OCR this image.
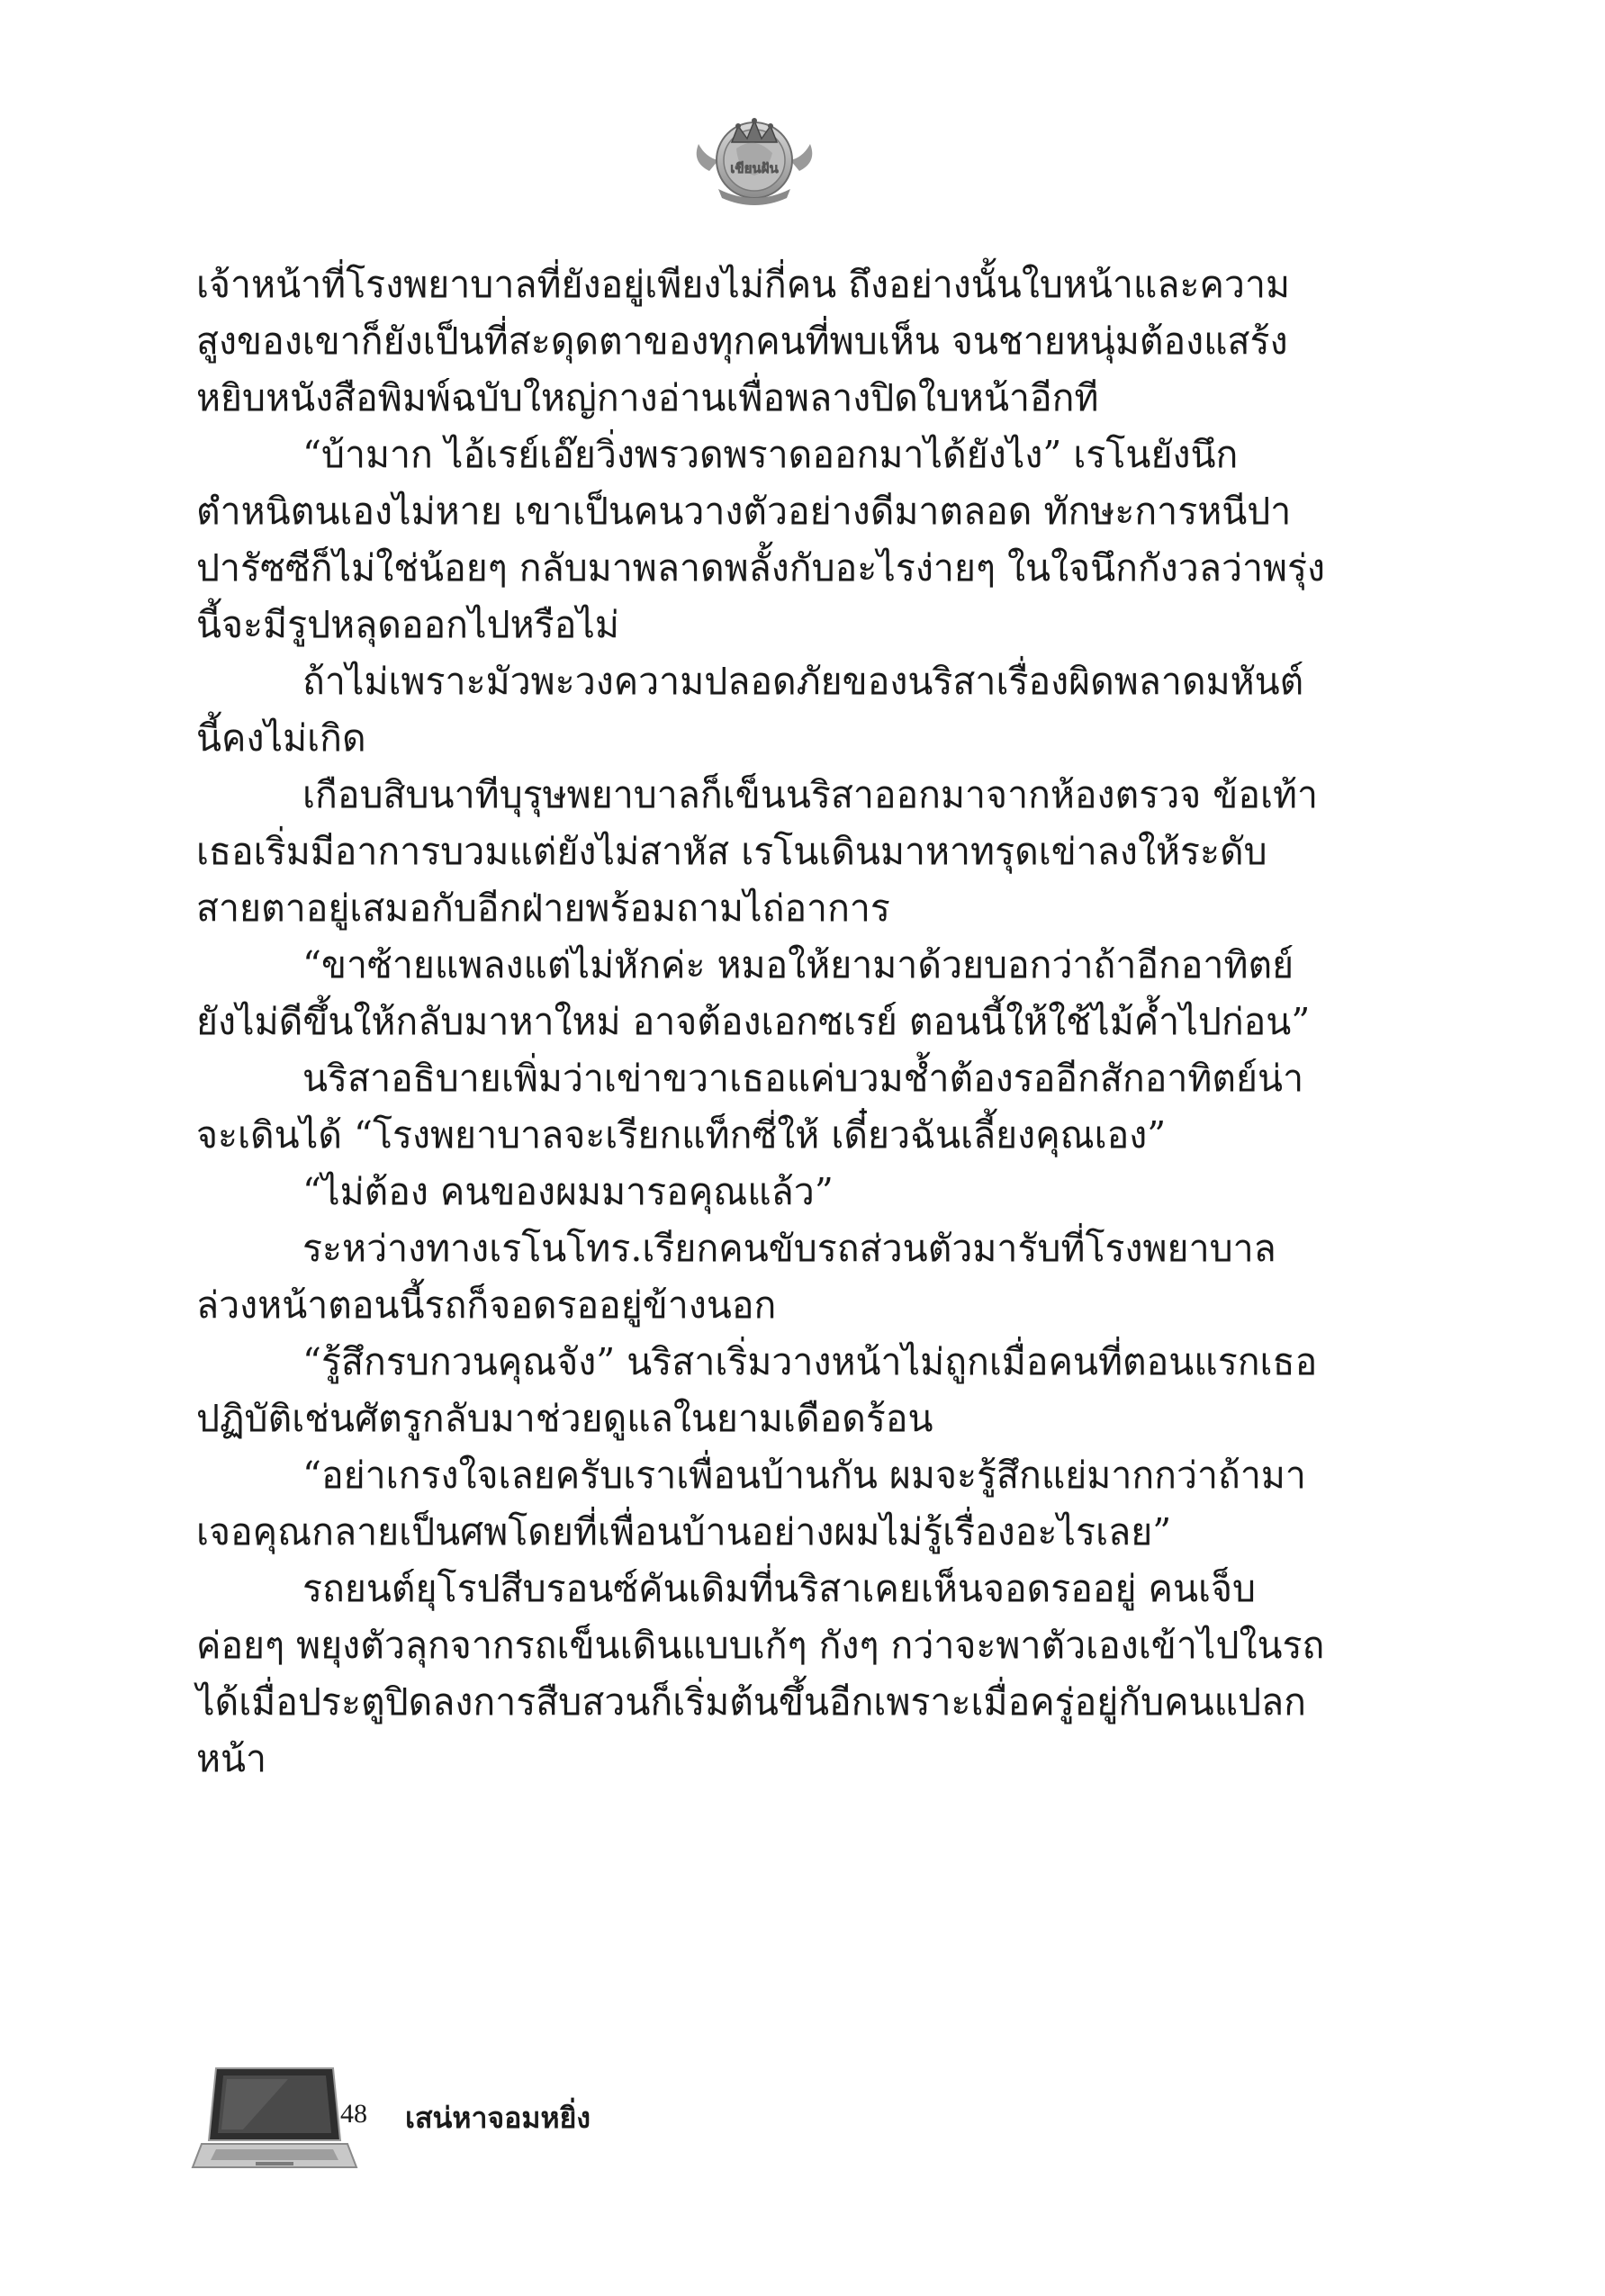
เขียนฝัน

เจ้าหน้าที่โรงพยาบาลที่ยังอยู่เพียงไม่กี่คน ถึงอย่างนั้นใบหน้าและความสูงของเขาก็ยังเป็นที่สะดุดตาของทุกคนที่พบเห็น จนชายหนุ่มต้องแสร้งหยิบหนังสือพิมพ์ฉบับใหญ่กางอ่านเพื่อพลางปิดใบหน้าอีกที

“บ้ามาก ไอ้เรย์เอ๊ยวิ่งพรวดพราดออกมาได้ยังไง” เรโนยังนึกตำหนิตนเองไม่หาย เขาเป็นคนวางตัวอย่างดีมาตลอด ทักษะการหนีปาปารัซซีก็ไม่ใช่น้อยๆ กลับมาพลาดพลั้งกับอะไรง่ายๆ ในใจนึกกังวลว่าพรุ่งนี้จะมีรูปหลุดออกไปหรือไม่

ถ้าไม่เพราะมัวพะวงความปลอดภัยของนริสาเรื่องผิดพลาดมหันต์นี้คงไม่เกิด

เกือบสิบนาทีบุรุษพยาบาลก็เข็นนริสาออกมาจากห้องตรวจ ข้อเท้าเธอเริ่มมีอาการบวมแต่ยังไม่สาหัส เรโนเดินมาหาทรุดเข่าลงให้ระดับสายตาอยู่เสมอกับอีกฝ่ายพร้อมถามไถ่อาการ

“ขาซ้ายแพลงแต่ไม่หักค่ะ หมอให้ยามาด้วยบอกว่าถ้าอีกอาทิตย์ยังไม่ดีขึ้นให้กลับมาหาใหม่ อาจต้องเอกซเรย์ ตอนนี้ให้ใช้ไม้ค้ำไปก่อน”

นริสาอธิบายเพิ่มว่าเข่าขวาเธอแค่บวมช้ำต้องรออีกสักอาทิตย์น่าจะเดินได้ “โรงพยาบาลจะเรียกแท็กซี่ให้ เดี๋ยวฉันเลี้ยงคุณเอง”

“ไม่ต้อง คนของผมมารอคุณแล้ว”

ระหว่างทางเรโนโทร.เรียกคนขับรถส่วนตัวมารับที่โรงพยาบาลล่วงหน้าตอนนี้รถก็จอดรออยู่ข้างนอก

“รู้สึกรบกวนคุณจัง” นริสาเริ่มวางหน้าไม่ถูกเมื่อคนที่ตอนแรกเธอปฏิบัติเช่นศัตรูกลับมาช่วยดูแลในยามเดือดร้อน

“อย่าเกรงใจเลยครับเราเพื่อนบ้านกัน ผมจะรู้สึกแย่มากกว่าถ้ามาเจอคุณกลายเป็นศพโดยที่เพื่อนบ้านอย่างผมไม่รู้เรื่องอะไรเลย”

รถยนต์ยุโรปสีบรอนซ์คันเดิมที่นริสาเคยเห็นจอดรออยู่ คนเจ็บค่อยๆ พยุงตัวลุกจากรถเข็นเดินแบบเก้ๆ กังๆ กว่าจะพาตัวเองเข้าไปในรถได้เมื่อประตูปิดลงการสืบสวนก็เริ่มต้นขึ้นอีกเพราะเมื่อครู่อยู่กับคนแปลกหน้า

48 เสน่หาจอมหยิ่ง
